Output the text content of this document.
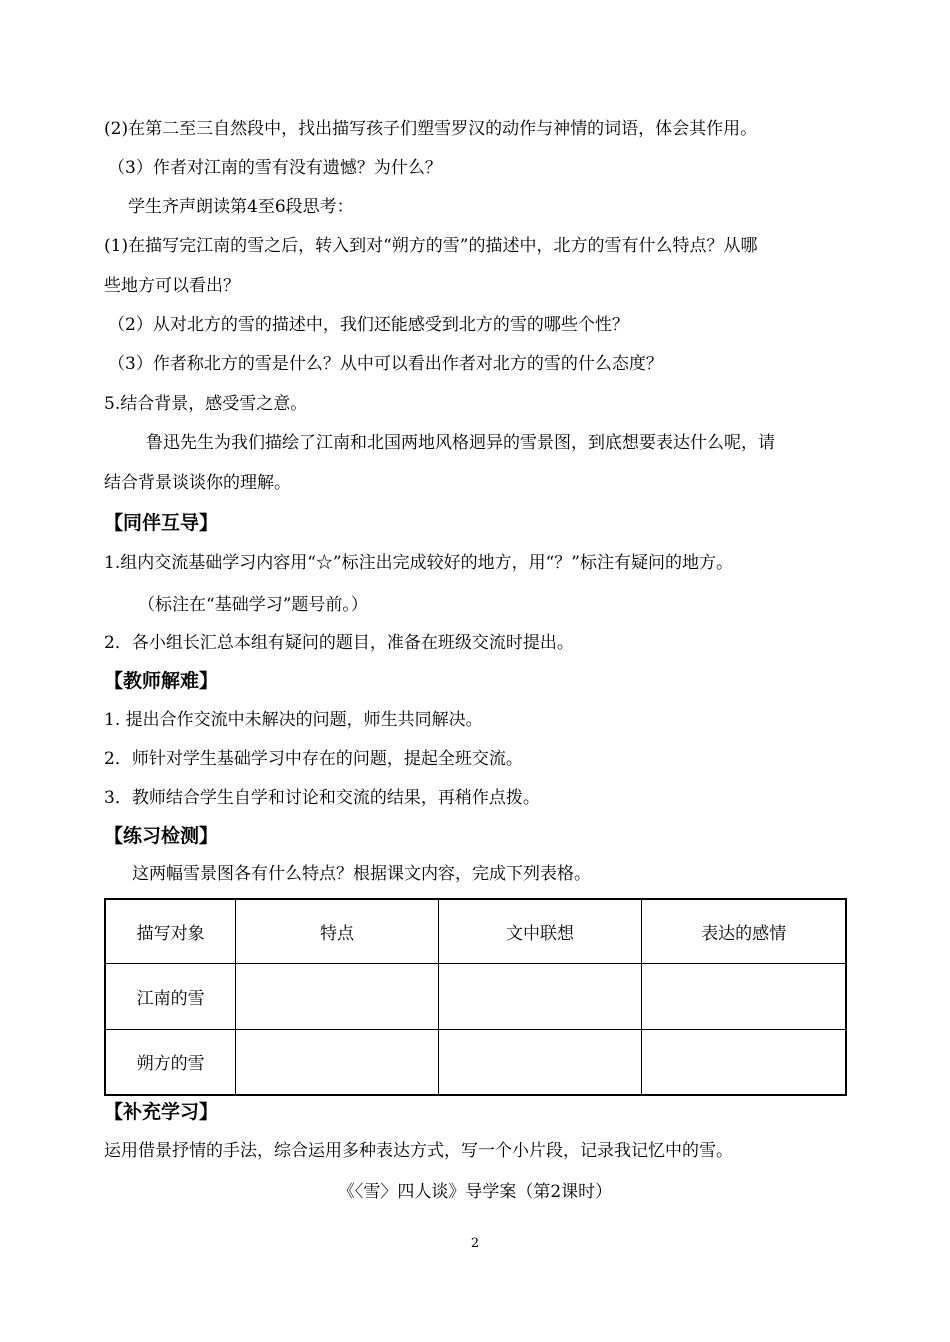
(2)在第二至三自然段中，找出描写孩子们塑雪罗汉的动作与神情的词语，体会其作用。
（3）作者对江南的雪有没有遗憾？为什么？
学生齐声朗读第4至6段思考：
(1)在描写完江南的雪之后，转入到对“朔方的雪”的描述中，北方的雪有什么特点？从哪
些地方可以看出？
（2）从对北方的雪的描述中，我们还能感受到北方的雪的哪些个性？
（3）作者称北方的雪是什么？从中可以看出作者对北方的雪的什么态度？
5.结合背景，感受雪之意。
鲁迅先生为我们描绘了江南和北国两地风格迥异的雪景图，到底想要表达什么呢，请
结合背景谈谈你的理解。
【同伴互导】
1.组内交流基础学习内容用“☆”标注出完成较好的地方，用“？”标注有疑问的地方。
（标注在“基础学习”题号前。）
2．各小组长汇总本组有疑问的题目，准备在班级交流时提出。
【教师解难】
1. 提出合作交流中未解决的问题，师生共同解决。
2．师针对学生基础学习中存在的问题，提起全班交流。
3．教师结合学生自学和讨论和交流的结果，再稍作点拨。
【练习检测】
这两幅雪景图各有什么特点？根据课文内容，完成下列表格。
描写对象	特点	文中联想	表达的感情
江南的雪			
朔方的雪			
【补充学习】
运用借景抒情的手法，综合运用多种表达方式，写一个小片段，记录我记忆中的雪。
《〈雪〉四人谈》导学案（第2课时）
2
